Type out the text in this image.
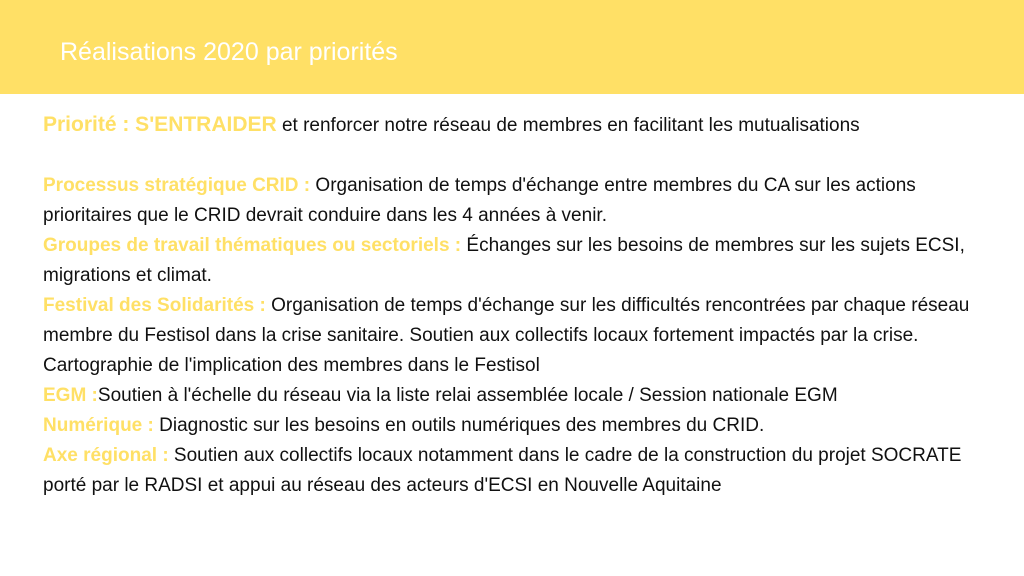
Réalisations 2020 par priorités

Priorité : S'ENTRAIDER et renforcer notre réseau de membres en facilitant les mutualisations

Processus stratégique CRID : Organisation de temps d'échange entre membres du CA sur les actions prioritaires que le CRID devrait conduire dans les 4 années à venir.

Groupes de travail thématiques ou sectoriels : Échanges sur les besoins de membres sur les sujets ECSI, migrations et climat.

Festival des Solidarités : Organisation de temps d'échange sur les difficultés rencontrées par chaque réseau membre du Festisol dans la crise sanitaire. Soutien aux collectifs locaux fortement impactés par la crise. Cartographie de l'implication des membres dans le Festisol

EGM :Soutien à l'échelle du réseau via la liste relai assemblée locale / Session nationale EGM

Numérique : Diagnostic sur les besoins en outils numériques des membres du CRID.

Axe régional : Soutien aux collectifs locaux notamment dans le cadre de la construction du projet SOCRATE porté par le RADSI et appui au réseau des acteurs d'ECSI en Nouvelle Aquitaine
